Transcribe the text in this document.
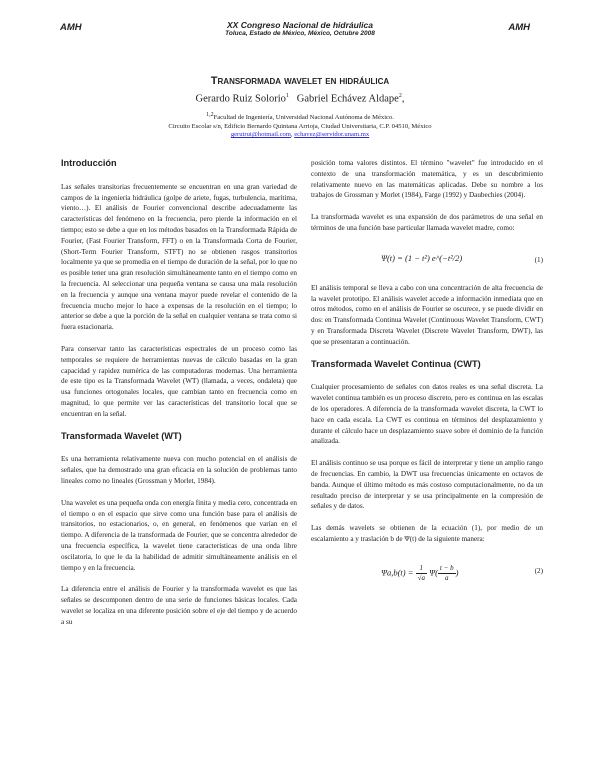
AMH	AMH
XX Congreso Nacional de hidráulica
Toluca, Estado de México, México, Octubre 2008
Transformada wavelet en hidráulica
Gerardo Ruiz Solorio$^1$ Gabriel Echávez Aldape$^2$,
$^{1,2}$Facultad de Ingeniería, Universidad Nacional Autónoma de México.
Circuito Escolar s/n, Edificio Bernardo Quintana Arrioja, Ciudad Universitaria, C.P. 04510, México
gerutrui@hotmail.com, echavez@servidor.unam.mx
Introducción

Las señales transitorias frecuentemente se encuentran en una gran variedad de campos de la ingeniería hidráulica (golpe de ariete, fugas, turbulencia, marítima, viento…). El análisis de Fourier convencional describe adecuadamente las características del fenómeno en la frecuencia, pero pierde la información en el tiempo; esto se debe a que en los métodos basados en la Transformada Rápida de Fourier, (Fast Fourier Transform, FFT) o en la Transformada Corta de Fourier, (Short-Term Fourier Transform, STFT) no se obtienen rasgos transitorios localmente ya que se promedia en el tiempo de duración de la señal, por lo que no es posible tener una gran resolución simultáneamente tanto en el tiempo como en la frecuencia. Al seleccionar una pequeña ventana se causa una mala resolución en la frecuencia y aunque una ventana mayor puede revelar el contenido de la frecuencia mucho mejor lo hace a expensas de la resolución en el tiempo; lo anterior se debe a que la porción de la señal en cualquier ventana se trata como si fuera estacionaria.

Para conservar tanto las características espectrales de un proceso como las temporales se requiere de herramientas nuevas de cálculo basadas en la gran capacidad y rapidez numérica de las computadoras modernas. Una herramienta de este tipo es la Transformada Wavelet (WT) (llamada, a veces, ondaleta) que usa funciones ortogonales locales, que cambian tanto en frecuencia como en magnitud, lo que permite ver las características del transitorio local que se encuentran en la señal.

Transformada Wavelet (WT)

Es una herramienta relativamente nueva con mucho potencial en el análisis de señales, que ha demostrado una gran eficacia en la solución de problemas tanto lineales como no lineales (Grossman y Morlet, 1984).

Una wavelet es una pequeña onda con energía finita y media cero, concentrada en el tiempo o en el espacio que sirve como una función base para el análisis de transitorios, no estacionarios, o, en general, en fenómenos que varían en el tiempo. A diferencia de la transformada de Fourier, que se concentra alrededor de una frecuencia específica, la wavelet tiene características de una onda libre oscilatoria, lo que le da la habilidad de admitir simultáneamente análisis en el tiempo y en la frecuencia.

La diferencia entre el análisis de Fourier y la transformada wavelet es que las señales se descomponen dentro de una serie de funciones básicas locales. Cada wavelet se localiza en una diferente posición sobre el eje del tiempo y de acuerdo a su

posición toma valores distintos. El término "wavelet" fue introducido en el contexto de una transformación matemática, y es un descubrimiento relativamente nuevo en las matemáticas aplicadas. Debe su nombre a los trabajos de Grossman y Morlet (1984), Farge (1992) y Daubechies (2004).

La transformada wavelet es una expansión de dos parámetros de una señal en términos de una función base particular llamada wavelet madre, como:

Ψ(t) = (1 − t²) e^(−t²/2)	(1)

El análisis temporal se lleva a cabo con una concentración de alta frecuencia de la wavelet prototipo. El análisis wavelet accede a información inmediata que en otros métodos, como en el análisis de Fourier se oscurece, y se puede dividir en dos: en Transformada Continua Wavelet (Continuous Wavelet Transform, CWT) y en Transformada Discreta Wavelet (Discrete Wavelet Transform, DWT), las que se presentaran a continuación.

Transformada Wavelet Continua (CWT)

Cualquier procesamiento de señales con datos reales es una señal discreta. La wavelet continua también es un proceso discreto, pero es continua en las escalas de los operadores. A diferencia de la transformada wavelet discreta, la CWT lo hace en cada escala. La CWT es continua en términos del desplazamiento y durante el cálculo hace un desplazamiento suave sobre el dominio de la función analizada.

El análisis continuo se usa porque es fácil de interpretar y tiene un amplio rango de frecuencias. En cambio, la DWT usa frecuencias únicamente en octavos de banda. Aunque el último método es más costoso computacionalmente, no da un resultado preciso de interpretar y se usa principalmente en la compresión de señales y de datos.

Las demás wavelets se obtienen de la ecuación (1), por medio de un escalamiento a y traslación b de Ψ(t) de la siguiente manera:

$\Psi a,b(t) = \frac{1}{√a} \Psi( \frac{t - b}{a}$ )	(2)
